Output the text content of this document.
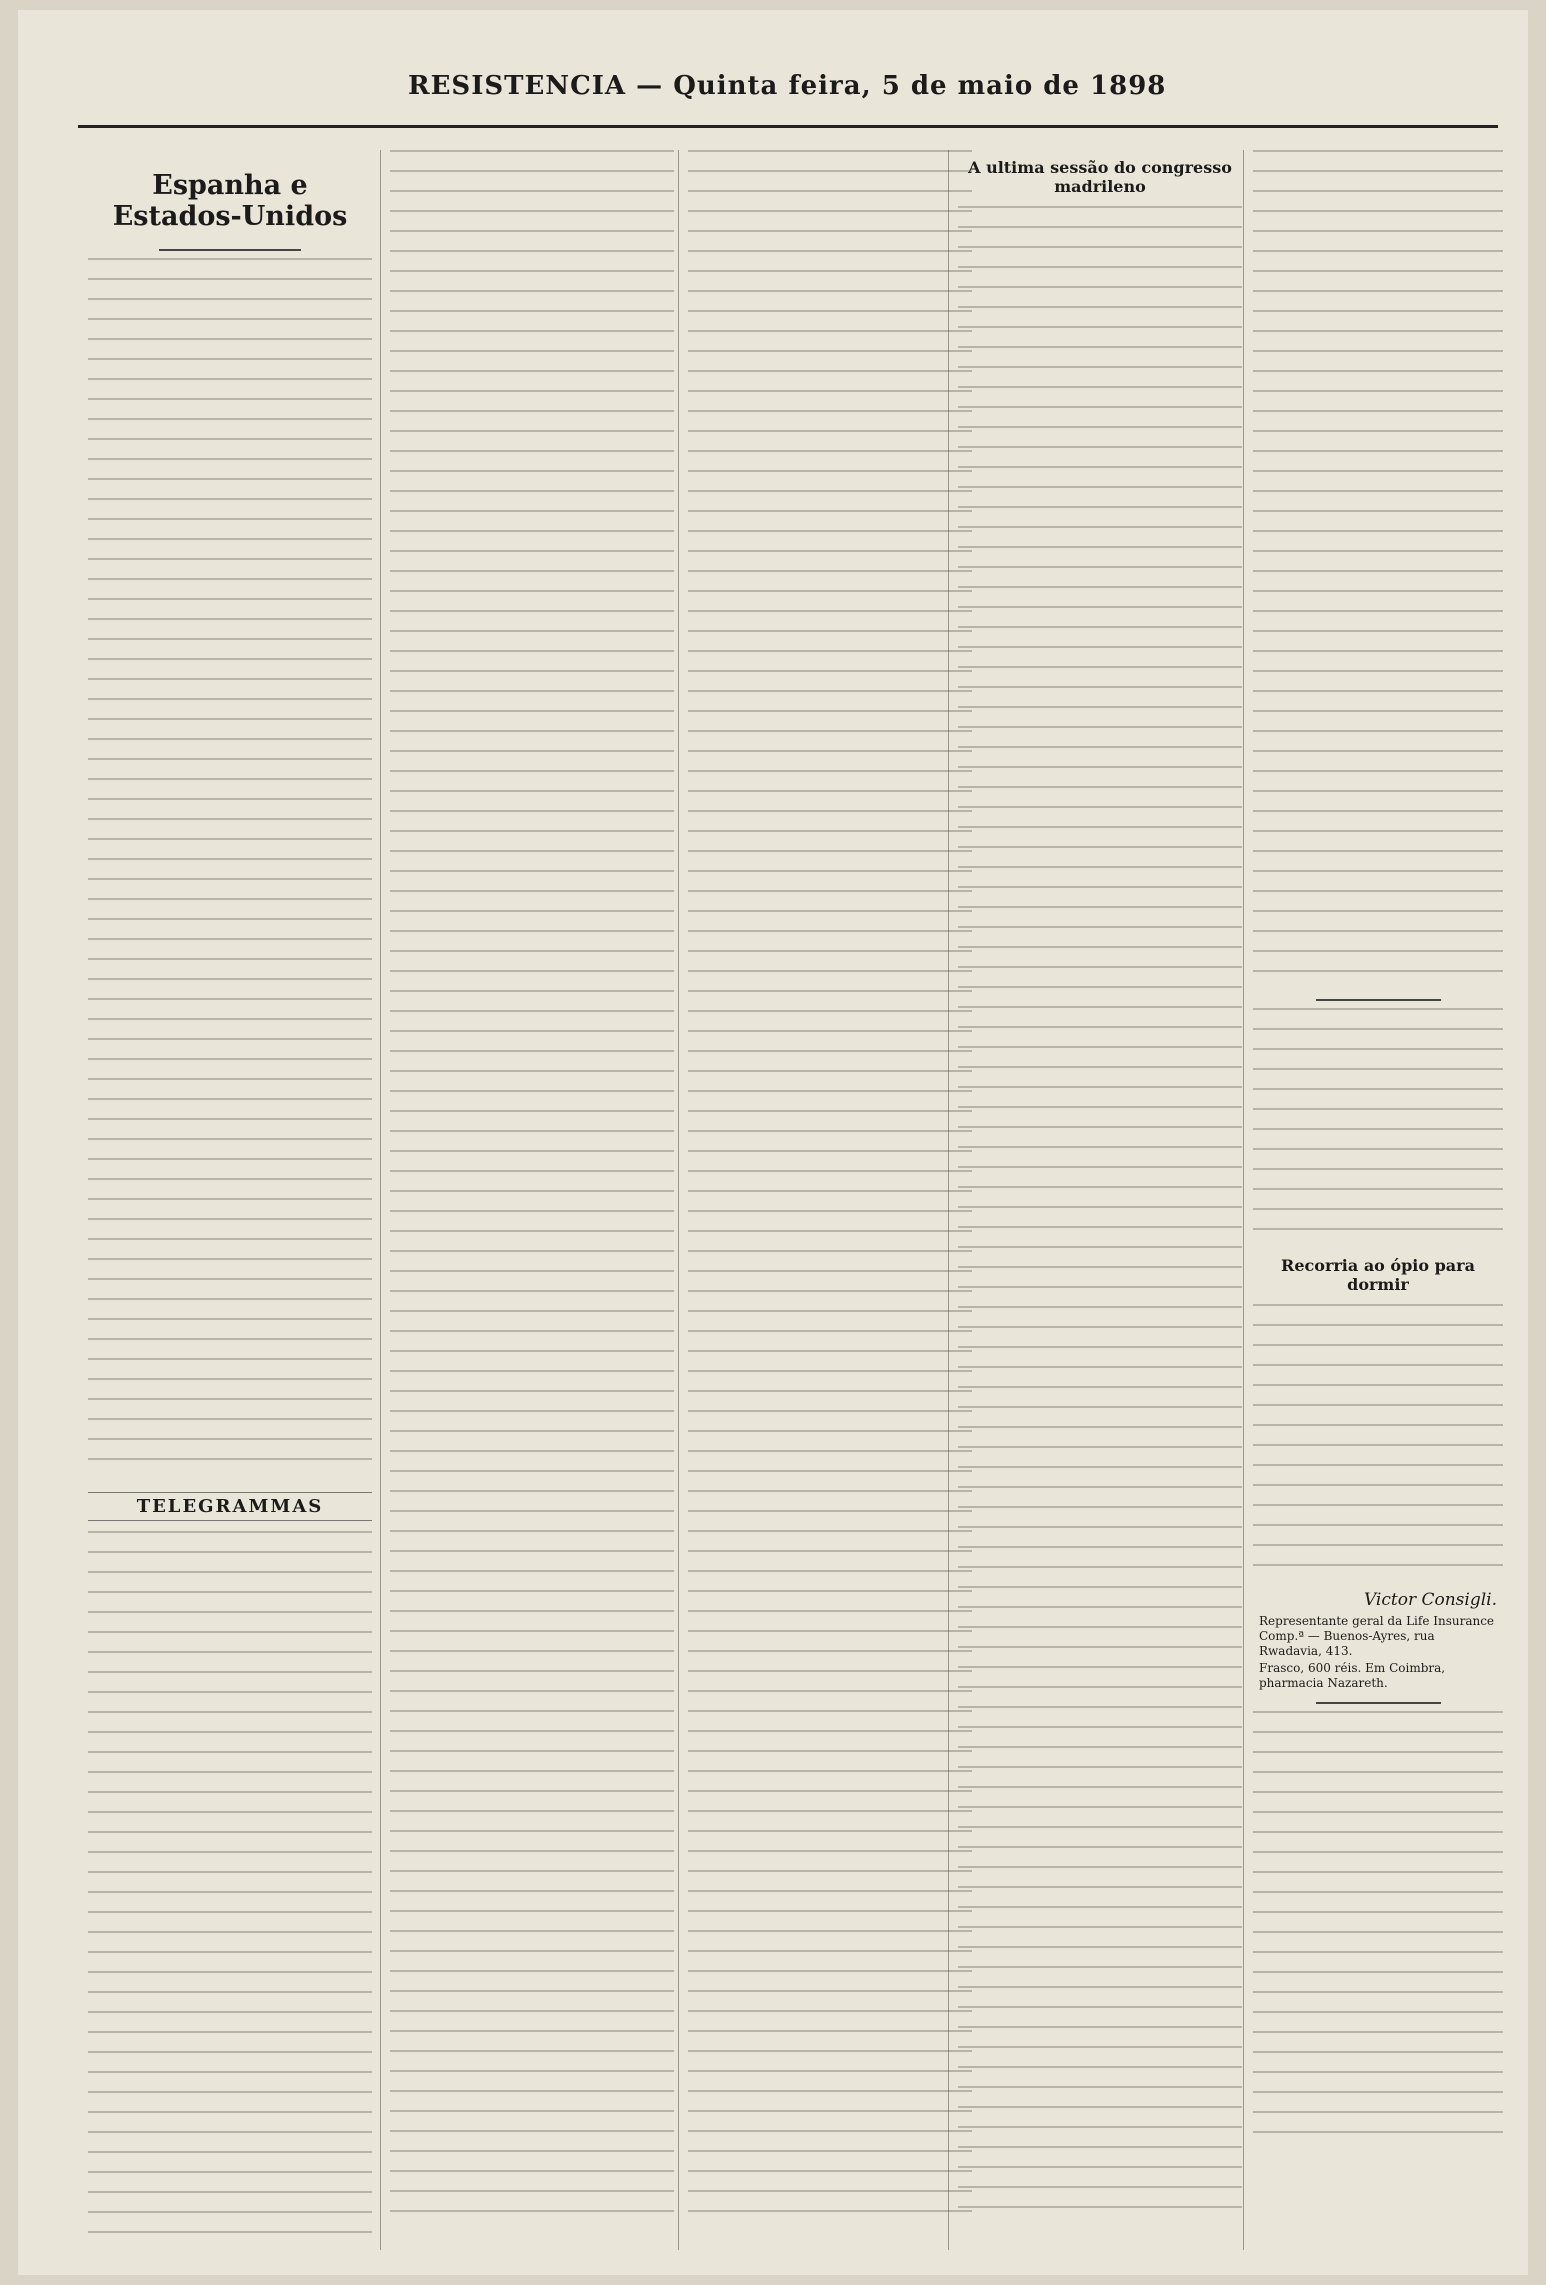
RESISTENCIA — Quinta feira, 5 de maio de 1898
Espanha e Estados-Unidos
TELEGRAMMAS
A ultima sessão do congresso madrileno
Recorria ao ópio para dormir
Victor Consigli.
Representante geral da Life Insurance Comp.ª — Buenos-Ayres, rua Rwadavia, 413.
Frasco, 600 réis. Em Coimbra, pharmacia Nazareth.
